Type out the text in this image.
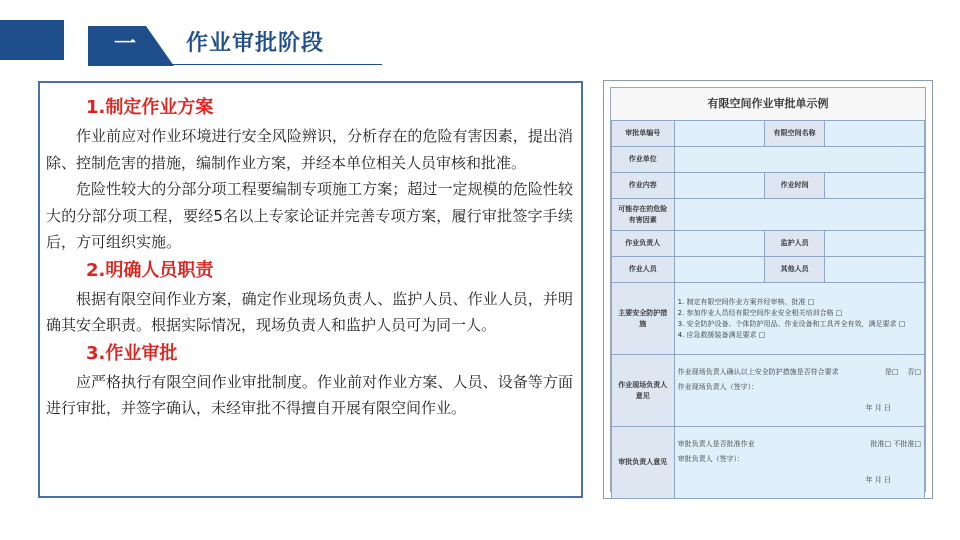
一 作业审批阶段
1.制定作业方案

作业前应对作业环境进行安全风险辨识，分析存在的危险有害因素，提出消除、控制危害的措施，编制作业方案，并经本单位相关人员审核和批准。

危险性较大的分部分项工程要编制专项施工方案；超过一定规模的危险性较大的分部分项工程，要经5名以上专家论证并完善专项方案，履行审批签字手续后，方可组织实施。

2.明确人员职责

根据有限空间作业方案，确定作业现场负责人、监护人员、作业人员，并明确其安全职责。根据实际情况，现场负责人和监护人员可为同一人。

3.作业审批

应严格执行有限空间作业审批制度。作业前对作业方案、人员、设备等方面进行审批，并签字确认，未经审批不得擅自开展有限空间作业。

有限空间作业审批单示例
审批单编号		有限空间名称	
作业单位			
作业内容		作业时间	
可能存在的危险有害因素			
作业负责人		监护人员	
作业人员		其他人员	
主要安全防护措施	1. 制定有限空间作业方案并经审核、批准 □
2. 参加作业人员经有限空间作业安全相关培训合格 □
3. 安全防护设备、个体防护用品、作业设备和工具齐全有效，满足要求 □
4. 应急救援装备满足要求 □		

作业现场负责人意见	作业现场负责人确认以上安全防护措施是否符合要求 是□ 否□
作业现场负责人（签字）：
年 月 日		

审批负责人意见	审批负责人是否批准作业 批准□ 不批准□
审批负责人（签字）：
年 月 日		
